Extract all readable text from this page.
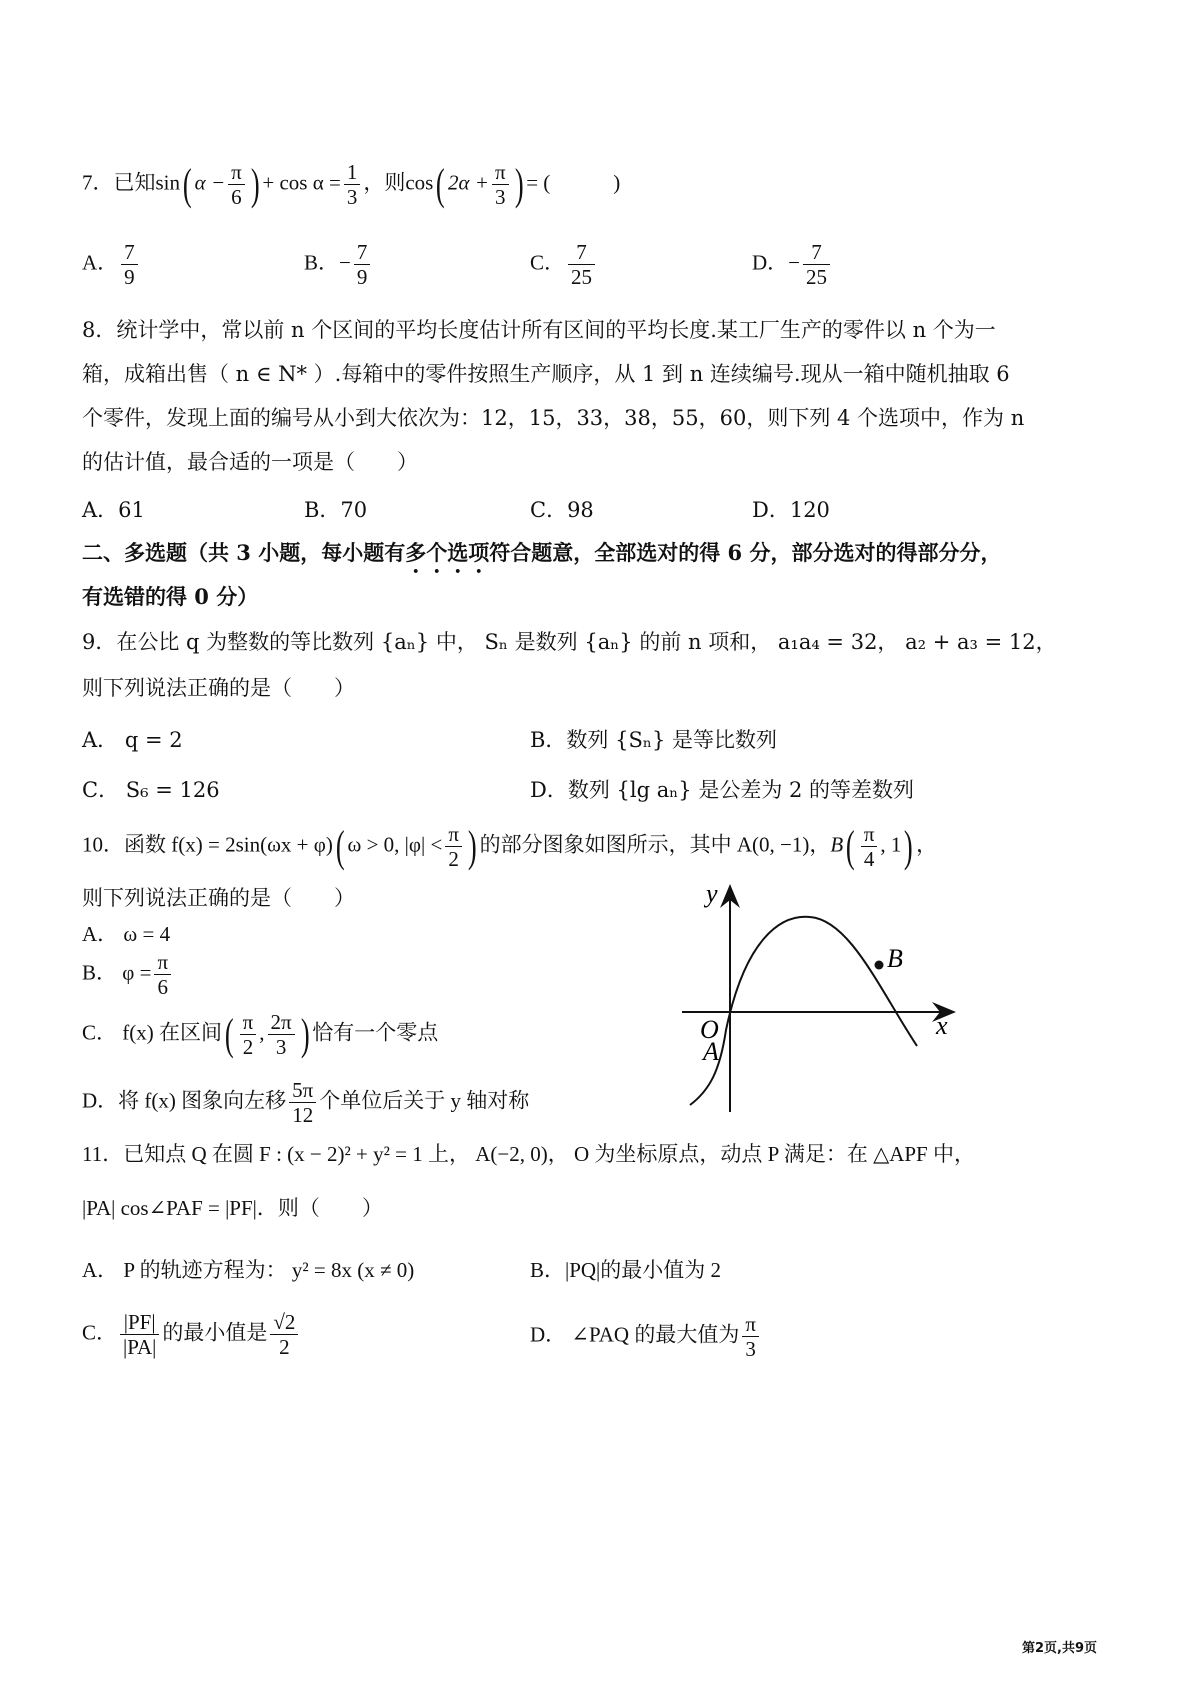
7．已知sin( $\alpha - \frac{\pi}{6}$ ) + $\cos \alpha = \frac{1}{3}$ ，则cos( $2\alpha + \frac{\pi}{3}$ ) = (　　　)
A． $\frac{7}{9}$	B．− $\frac{7}{9}$	C． $\frac{7}{25}$	D．− $\frac{7}{25}$
8．统计学中，常以前 n 个区间的平均长度估计所有区间的平均长度.某工厂生产的零件以 n 个为一
箱，成箱出售（ n ∈ N* ）.每箱中的零件按照生产顺序，从 1 到 n 连续编号.现从一箱中随机抽取 6
个零件，发现上面的编号从小到大依次为：12，15，33，38，55，60，则下列 4 个选项中，作为 n
的估计值，最合适的一项是（　　）
A．61	B．70	C．98	D．120
二、多选题（共 3 小题，每小题有多个选项符合题意，全部选对的得 6 分，部分选对的得部分分，
有选错的得 0 分）
9．在公比 q 为整数的等比数列 {aₙ} 中， Sₙ 是数列 {aₙ} 的前 n 项和， a₁a₄ = 32， a₂ + a₃ = 12，
则下列说法正确的是（　　）
A． q = 2	B．数列 {Sₙ} 是等比数列
C． S₆ = 126	D．数列 {lg aₙ} 是公差为 2 的等差数列
10．函数 f(x) = 2sin(ωx + φ)( ω > 0, $|\varphi| < \frac{\pi}{2}$ ) 的部分图象如图所示，其中 A(0, −1)，$B( \frac{\pi}{4}$ , 1) ，
则下列说法正确的是（　　）
A． ω = 4
B． $\varphi = \frac{\pi}{6}$
C． f(x) 在区间( $\frac{\pi}{2}$ , $\frac{2\pi}{3}$ ) 恰有一个零点
D．将 f(x) 图象向左移 $\frac{5\pi}{12}$ 个单位后关于 y 轴对称
y
x
O
A
B
11．已知点 Q 在圆 F : (x − 2)² + y² = 1 上， A(−2, 0)， O 为坐标原点，动点 P 满足：在 △APF 中，
|PA| cos∠PAF = |PF|．则（　　）
A． P 的轨迹方程为： y² = 8x (x ≠ 0)	B．|PQ|的最小值为 2
C． $\frac{|PF|}{|PA|}$ 的最小值是 $\frac{√2}{2}$	D． ∠PAQ 的最大值为 $\frac{\pi}{3}$
第2页,共9页
